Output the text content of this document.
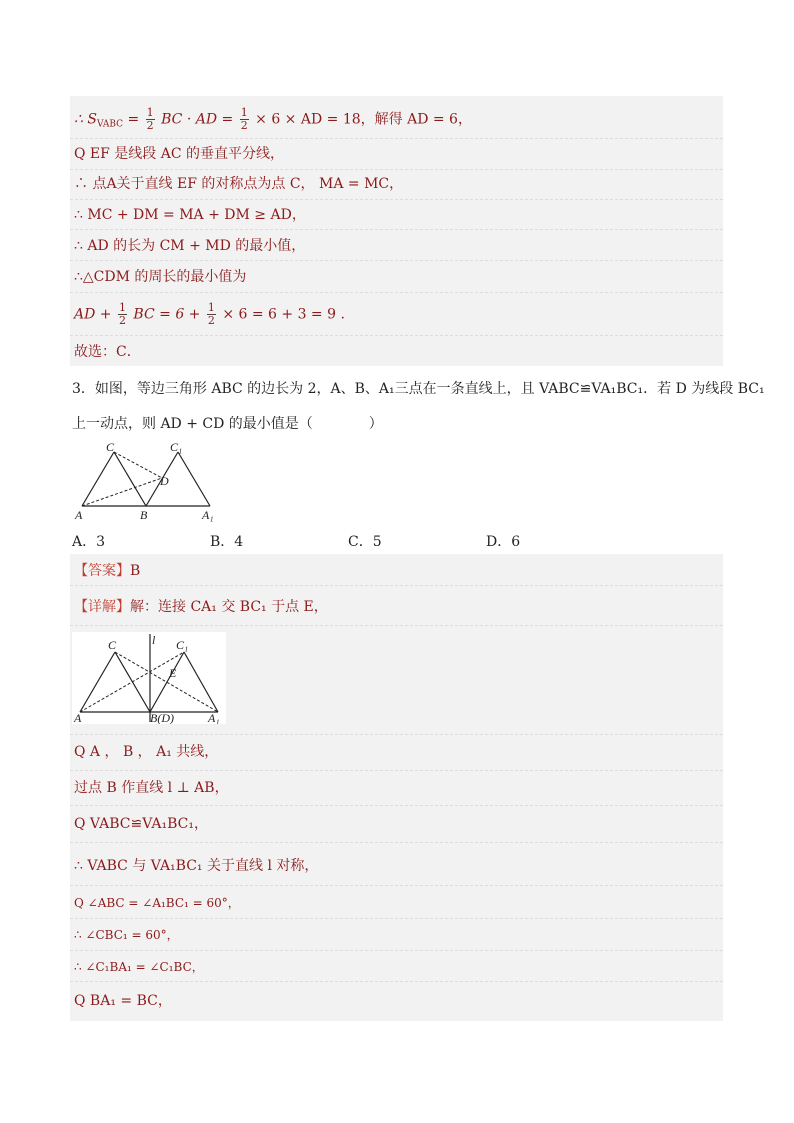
∴ $S_{VABC} = \frac{1}{2}$ BC · AD = $\frac{1}{2} \times 6$ × AD = 18，解得 AD = 6，
Q EF 是线段 AC 的垂直平分线，
∴ 点A关于直线 EF 的对称点为点 C， MA = MC，
∴ MC + DM = MA + DM ≥ AD，
∴ AD 的长为 CM + MD 的最小值，
∴△CDM 的周长的最小值为
AD + $\frac{1}{2}$ BC = $6 + \frac{1}{2} \times 6 = 6 + 3 = 9$ .
故选：C．
3．如图，等边三角形 ABC 的边长为 2，A、B、A₁三点在一条直线上，且 VABC≌VA₁BC₁．若 D 为线段 BC₁
上一动点，则 AD + CD 的最小值是（　　　　）
C	C₁
D
A	B	A₁
A．3	B．4	C．5	D．6
【答案】B
【详解】解：连接 CA₁ 交 BC₁ 于点 E，
C	l C₁
E
A	B(D)	A₁
Q A ， B ， A₁ 共线，
过点 B 作直线 l ⊥ AB，
Q VABC≌VA₁BC₁，
∴ VABC 与 VA₁BC₁ 关于直线 l 对称，
Q ∠ABC = ∠A₁BC₁ = 60°，
∴ ∠CBC₁ = 60°，
∴ ∠C₁BA₁ = ∠C₁BC，
Q BA₁ = BC，
